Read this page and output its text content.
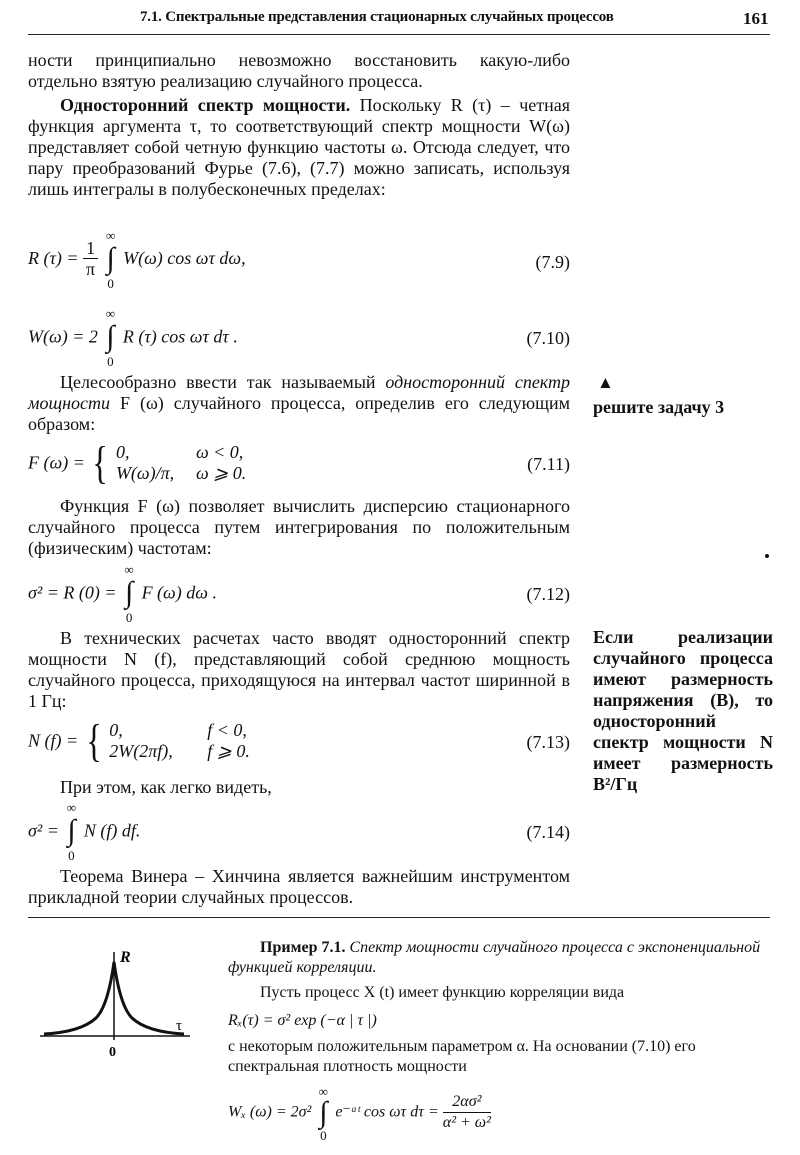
7.1. Спектральные представления стационарных случайных процессов	161
ности принципиально невозможно восстановить какую-либо отдельно взятую реализацию случайного процесса.
Односторонний спектр мощности. Поскольку R (τ) – четная функция аргумента τ, то соответствующий спектр мощности W(ω) представляет собой четную функцию частоты ω. Отсюда следует, что пару преобразований Фурье (7.6), (7.7) можно записать, используя лишь интегралы в полубесконечных пределах:
R $(\tau) = \frac{1}{\pi}$

∞
∫
0
W(ω) cos ωτ dω,	(7.9)
W(ω) = 2
∞
∫
0
R (τ) cos ωτ dτ .	(7.10)
Целесообразно ввести так называемый односторонний спектр мощности F (ω) случайного процесса, определив его следующим образом:
F (ω) = { 0,	ω < 0,
W(ω)/π, ω ⩾ 0.	(7.11)
Функция F (ω) позволяет вычислить дисперсию стационарного случайного процесса путем интегрирования по положительным (физическим) частотам:
σ² = R (0) =
∞
∫
0
F (ω) dω .	(7.12)
В технических расчетах часто вводят односторонний спектр мощности N (f), представляющий собой среднюю мощность случайного процесса, приходящуюся на интервал частот ширинной в 1 Гц:
N (f) = { 0,	f < 0,
2W(2πf), f ⩾ 0.	(7.13)
При этом, как легко видеть,
σ² =
∞
∫
0
N (f) df.	(7.14)
Теорема Винера – Хинчина является важнейшим инструментом прикладной теории случайных процессов.
▲
решите задачу 3
Если реализации случайного процесса имеют размерность напряжения (В), то односторонний спектр мощности N имеет размерность В²/Гц
R
τ
0
Пример 7.1. Спектр мощности случайного процесса с экспоненциальной функцией корреляции.
Пусть процесс X (t) имеет функцию корреляции вида
Rₓ(τ) = σ² exp (−α | τ |)
с некоторым положительным параметром α. На основании (7.10) его спектральная плотность мощности
Wₓ (ω) = 2σ²
∞
∫
0
e⁻ᵃᵗ cos ωτ $d\tau = \frac{\text{2ασ²}}{\text{α² + ω²}}$
